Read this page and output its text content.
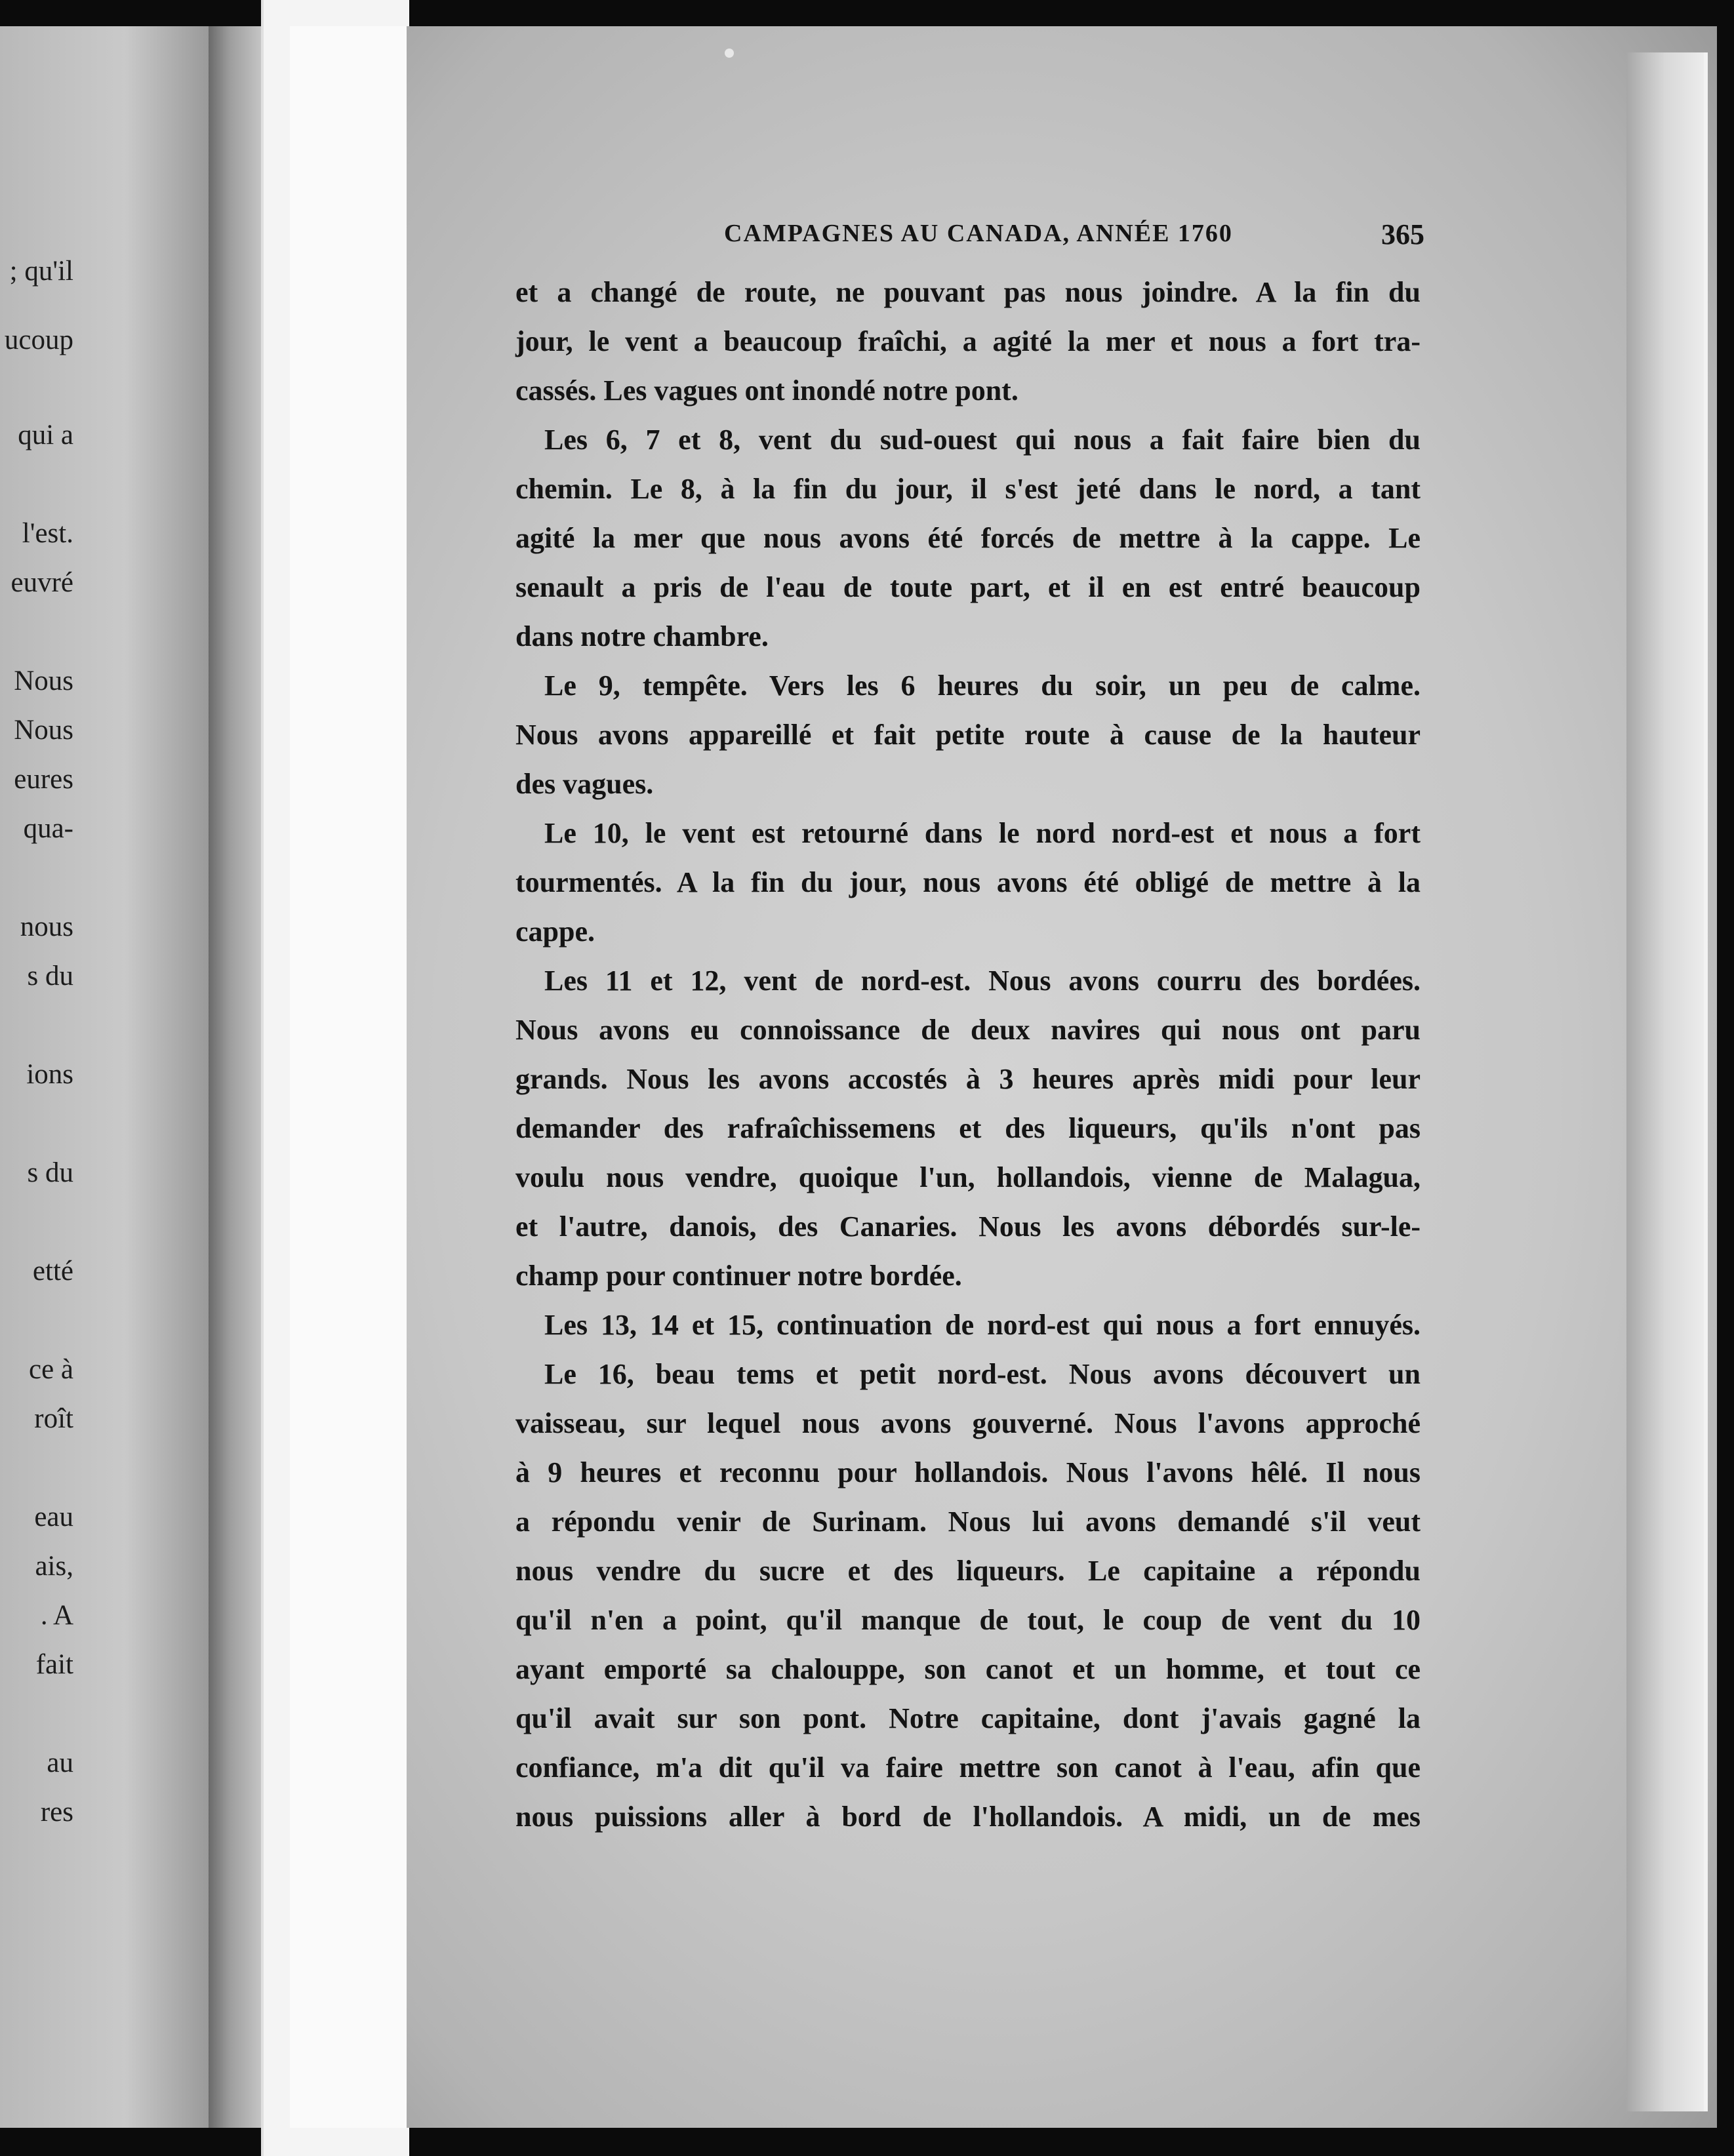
; qu'il
ucoup
qui a
l'est.
euvré
Nous
Nous
eures
qua-
nous
s du
ions
s du
etté
ce à
roît
eau
ais,
. A
fait
au
res
CAMPAGNES AU CANADA, ANNÉE 1760	365
et a changé de route, ne pouvant pas nous joindre. A la fin du
jour, le vent a beaucoup fraîchi, a agité la mer et nous a fort tra-
cassés. Les vagues ont inondé notre pont.
Les 6, 7 et 8, vent du sud-ouest qui nous a fait faire bien du
chemin. Le 8, à la fin du jour, il s'est jeté dans le nord, a tant
agité la mer que nous avons été forcés de mettre à la cappe. Le
senault a pris de l'eau de toute part, et il en est entré beaucoup
dans notre chambre.
Le 9, tempête. Vers les 6 heures du soir, un peu de calme.
Nous avons appareillé et fait petite route à cause de la hauteur
des vagues.
Le 10, le vent est retourné dans le nord nord-est et nous a fort
tourmentés. A la fin du jour, nous avons été obligé de mettre à la
cappe.
Les 11 et 12, vent de nord-est. Nous avons courru des bordées.
Nous avons eu connoissance de deux navires qui nous ont paru
grands. Nous les avons accostés à 3 heures après midi pour leur
demander des rafraîchissemens et des liqueurs, qu'ils n'ont pas
voulu nous vendre, quoique l'un, hollandois, vienne de Malagua,
et l'autre, danois, des Canaries. Nous les avons débordés sur-le-
champ pour continuer notre bordée.
Les 13, 14 et 15, continuation de nord-est qui nous a fort ennuyés.
Le 16, beau tems et petit nord-est. Nous avons découvert un
vaisseau, sur lequel nous avons gouverné. Nous l'avons approché
à 9 heures et reconnu pour hollandois. Nous l'avons hêlé. Il nous
a répondu venir de Surinam. Nous lui avons demandé s'il veut
nous vendre du sucre et des liqueurs. Le capitaine a répondu
qu'il n'en a point, qu'il manque de tout, le coup de vent du 10
ayant emporté sa chalouppe, son canot et un homme, et tout ce
qu'il avait sur son pont. Notre capitaine, dont j'avais gagné la
confiance, m'a dit qu'il va faire mettre son canot à l'eau, afin que
nous puissions aller à bord de l'hollandois. A midi, un de mes
